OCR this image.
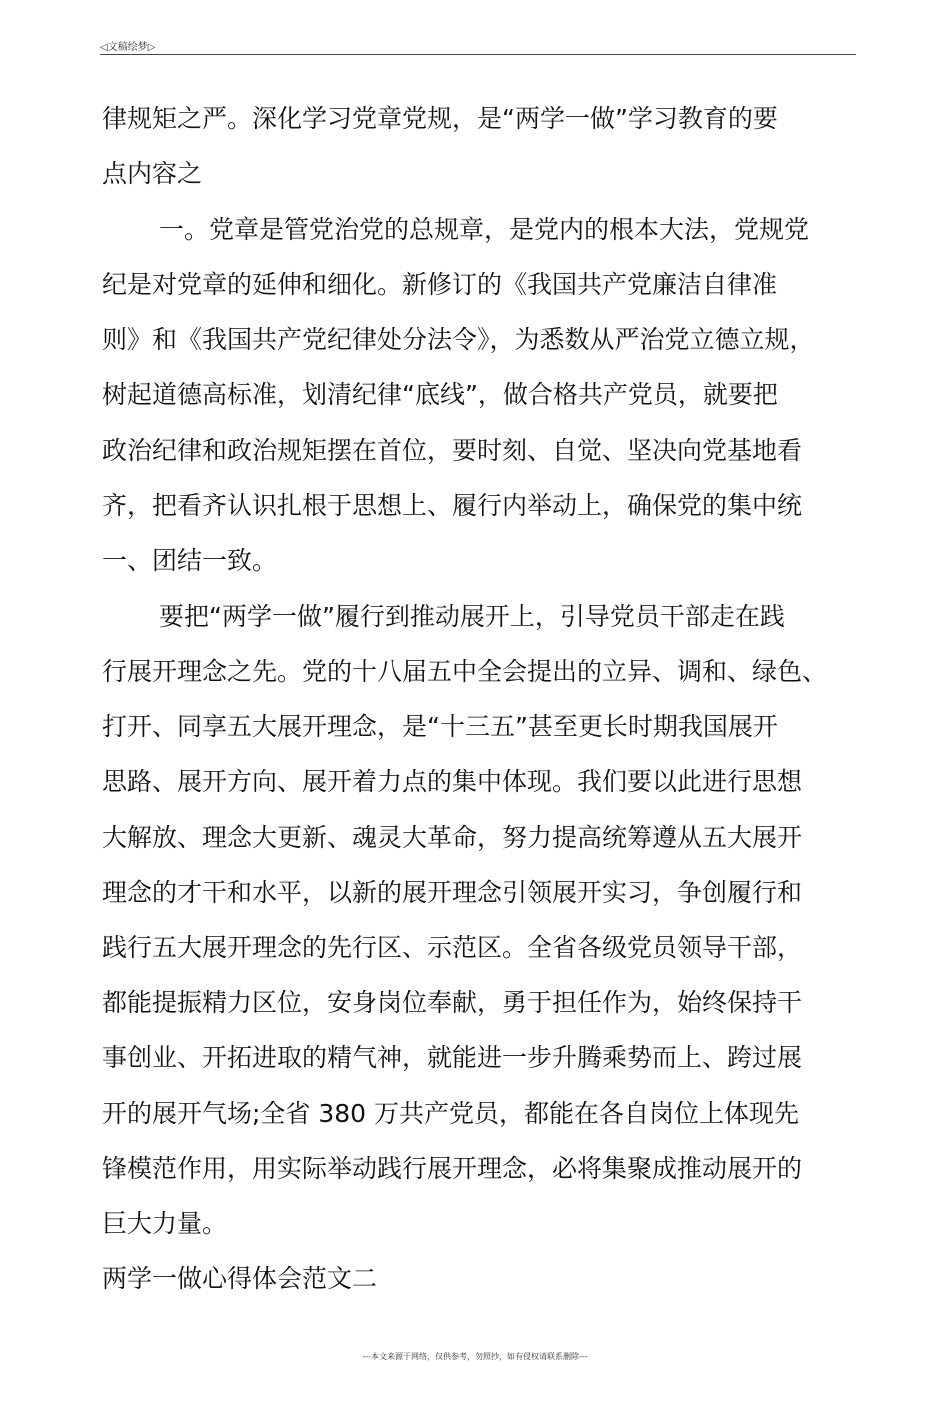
◁文稿绘梦▷
律规矩之严。深化学习党章党规，是“两学一做”学习教育的要
点内容之
一。党章是管党治党的总规章，是党内的根本大法，党规党
纪是对党章的延伸和细化。新修订的《我国共产党廉洁自律准
则》和《我国共产党纪律处分法令》，为悉数从严治党立德立规，
树起道德高标准，划清纪律“底线”，做合格共产党员，就要把
政治纪律和政治规矩摆在首位，要时刻、自觉、坚决向党基地看
齐，把看齐认识扎根于思想上、履行内举动上，确保党的集中统
一、团结一致。
要把“两学一做”履行到推动展开上，引导党员干部走在践
行展开理念之先。党的十八届五中全会提出的立异、调和、绿色、
打开、同享五大展开理念，是“十三五”甚至更长时期我国展开
思路、展开方向、展开着力点的集中体现。我们要以此进行思想
大解放、理念大更新、魂灵大革命，努力提高统筹遵从五大展开
理念的才干和水平，以新的展开理念引领展开实习，争创履行和
践行五大展开理念的先行区、示范区。全省各级党员领导干部，
都能提振精力区位，安身岗位奉献，勇于担任作为，始终保持干
事创业、开拓进取的精气神，就能进一步升腾乘势而上、跨过展
开的展开气场;全省 380 万共产党员，都能在各自岗位上体现先
锋模范作用，用实际举动践行展开理念，必将集聚成推动展开的
巨大力量。
两学一做心得体会范文二
---本文来源于网络，仅供参考，勿照抄，如有侵权请联系删除---
